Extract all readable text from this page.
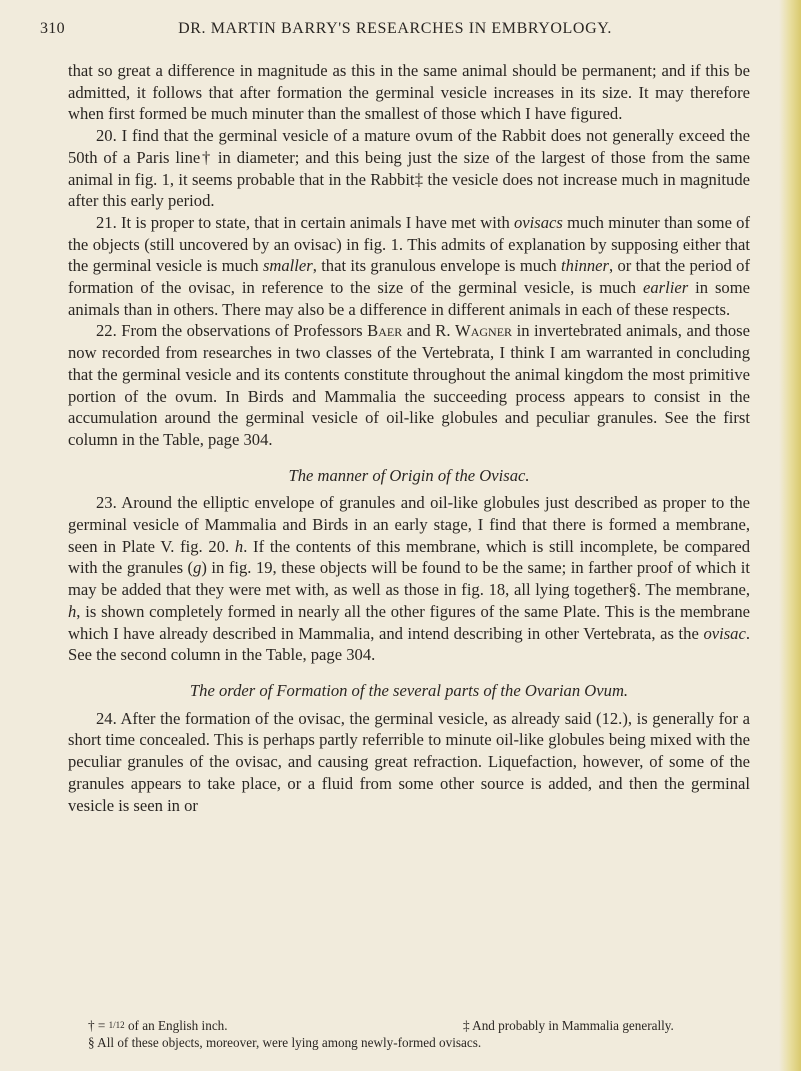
DR. MARTIN BARRY'S RESEARCHES IN EMBRYOLOGY.
310

that so great a difference in magnitude as this in the same animal should be permanent; and if this be admitted, it follows that after formation the germinal vesicle increases in its size. It may therefore when first formed be much minuter than the smallest of those which I have figured.

20. I find that the germinal vesicle of a mature ovum of the Rabbit does not generally exceed the 50th of a Paris line† in diameter; and this being just the size of the largest of those from the same animal in fig. 1, it seems probable that in the Rabbit‡ the vesicle does not increase much in magnitude after this early period.

21. It is proper to state, that in certain animals I have met with ovisacs much minuter than some of the objects (still uncovered by an ovisac) in fig. 1. This admits of explanation by supposing either that the germinal vesicle is much smaller, that its granulous envelope is much thinner, or that the period of formation of the ovisac, in reference to the size of the germinal vesicle, is much earlier in some animals than in others. There may also be a difference in different animals in each of these respects.

22. From the observations of Professors Baer and R. Wagner in invertebrated animals, and those now recorded from researches in two classes of the Vertebrata, I think I am warranted in concluding that the germinal vesicle and its contents constitute throughout the animal kingdom the most primitive portion of the ovum. In Birds and Mammalia the succeeding process appears to consist in the accumulation around the germinal vesicle of oil-like globules and peculiar granules. See the first column in the Table, page 304.

The manner of Origin of the Ovisac.

23. Around the elliptic envelope of granules and oil-like globules just described as proper to the germinal vesicle of Mammalia and Birds in an early stage, I find that there is formed a membrane, seen in Plate V. fig. 20. h. If the contents of this membrane, which is still incomplete, be compared with the granules (g) in fig. 19, these objects will be found to be the same; in farther proof of which it may be added that they were met with, as well as those in fig. 18, all lying together§. The membrane, h, is shown completely formed in nearly all the other figures of the same Plate. This is the membrane which I have already described in Mammalia, and intend describing in other Vertebrata, as the ovisac. See the second column in the Table, page 304.

The order of Formation of the several parts of the Ovarian Ovum.

24. After the formation of the ovisac, the germinal vesicle, as already said (12.), is generally for a short time concealed. This is perhaps partly referrible to minute oil-like globules being mixed with the peculiar granules of the ovisac, and causing great refraction. Liquefaction, however, of some of the granules appears to take place, or a fluid from some other source is added, and then the germinal vesicle is seen in or

† = 1/12 of an English inch.	‡ And probably in Mammalia generally.
§ All of these objects, moreover, were lying among newly-formed ovisacs.
